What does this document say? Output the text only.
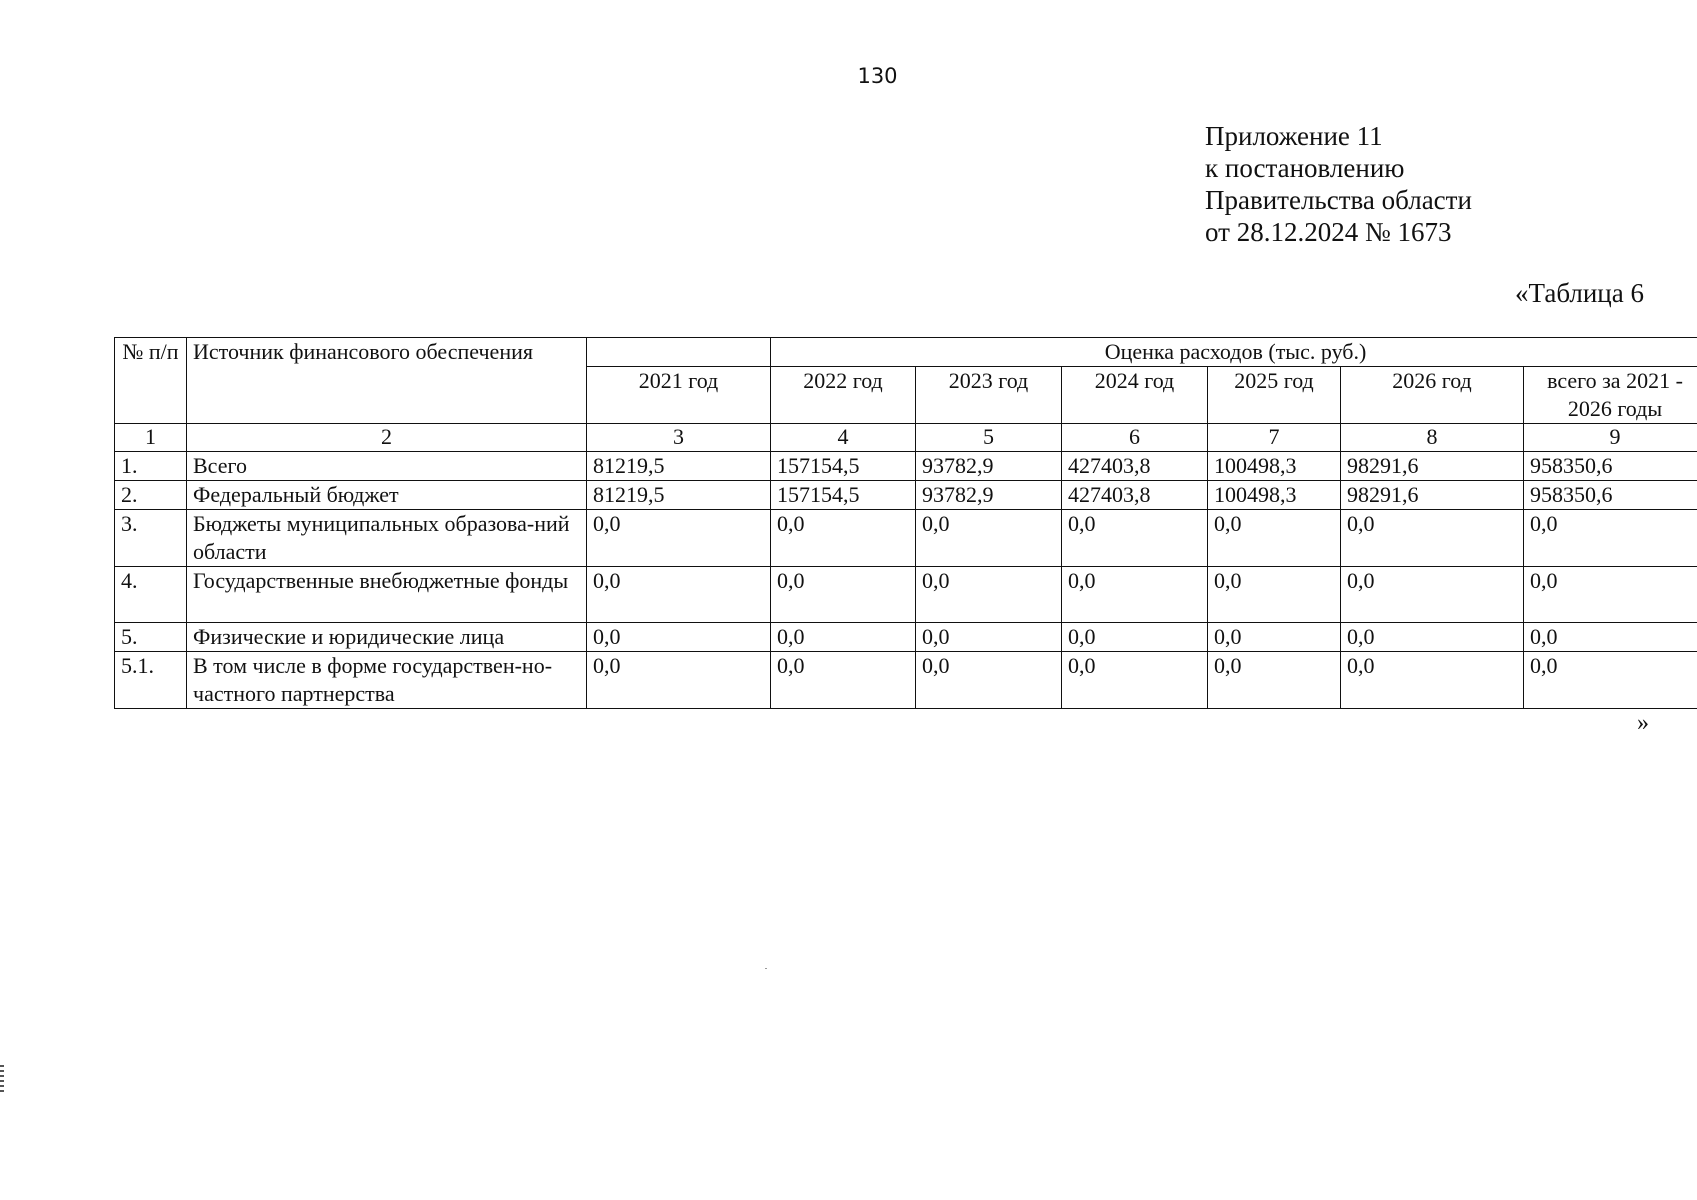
130
Приложение 11
к постановлению
Правительства области
от 28.12.2024 № 1673
«Таблица 6
№ п/п	Источник финансового обеспечения		Оценка расходов (тыс. руб.)					
		2021 год	2022 год	2023 год	2024 год	2025 год	2026 год	всего за 2021 - 2026 годы
1	2	3	4	5	6	7	8	9
1.	Всего	81219,5	157154,5	93782,9	427403,8	100498,3	98291,6	958350,6
2.	Федеральный бюджет	81219,5	157154,5	93782,9	427403,8	100498,3	98291,6	958350,6
3.	Бюджеты муниципальных образова-ний области	0,0	0,0	0,0	0,0	0,0	0,0	0,0
4.	Государственные внебюджетные фонды	0,0	0,0	0,0	0,0	0,0	0,0	0,0
5.	Физические и юридические лица	0,0	0,0	0,0	0,0	0,0	0,0	0,0
5.1.	В том числе в форме государствен-но-частного партнерства	0,0	0,0	0,0	0,0	0,0	0,0	0,0
»
